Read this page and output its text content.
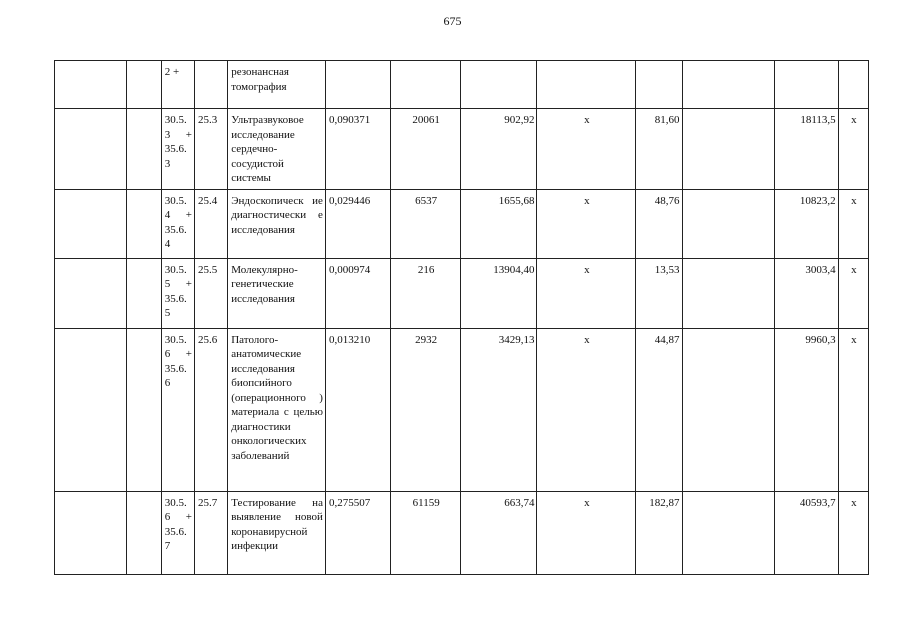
675
		2 +		резонансная томография								
		30.5. 3 + 35.6. 3	25.3	Ультразвуковое исследование сердечно- сосудистой системы	0,090371	20061	902,92	х	81,60		18113,5	х
		30.5. 4 + 35.6. 4	25.4	Эндоскопическ ие диагностически е исследования	0,029446	6537	1655,68	х	48,76		10823,2	х
		30.5. 5 + 35.6. 5	25.5	Молекулярно- генетические исследования	0,000974	216	13904,40	х	13,53		3003,4	х
		30.5. 6 + 35.6. 6	25.6	Патолого- анатомические исследования биопсийного (операционного ) материала с целью диагностики онкологических заболеваний	0,013210	2932	3429,13	х	44,87		9960,3	х
		30.5. 6 + 35.6. 7	25.7	Тестирование на выявление новой коронавирусной инфекции	0,275507	61159	663,74	х	182,87		40593,7	х
